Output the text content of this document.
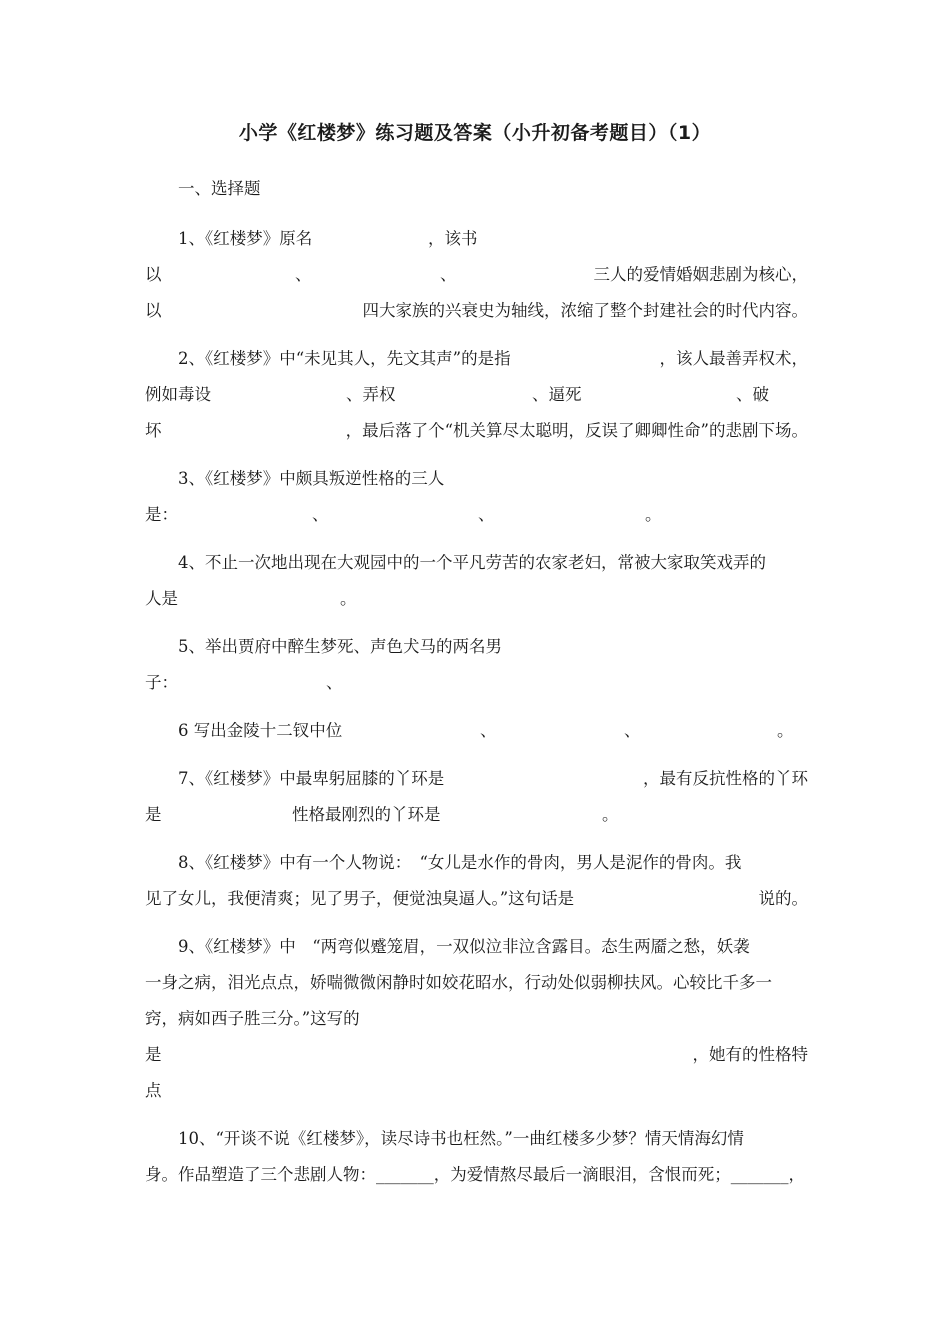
小学《红楼梦》练习题及答案（小升初备考题目）（1）
一、选择题
1、《红楼梦》原名	，该书
以	、	、	三人的爱情婚姻悲剧为核心，
以	四大家族的兴衰史为轴线，浓缩了整个封建社会的时代内容。
2、《红楼梦》中“未见其人，先文其声”的是指	，该人最善弄权术，
例如毒设	、弄权	、逼死	、破
坏	，最后落了个“机关算尽太聪明，反误了卿卿性命”的悲剧下场。
3、《红楼梦》中颇具叛逆性格的三人
是：	、	、	。
4、不止一次地出现在大观园中的一个平凡劳苦的农家老妇，常被大家取笑戏弄的
人是	。
5、举出贾府中醉生梦死、声色犬马的两名男
子：	、
6 写出金陵十二钗中位	、	、	。
7、《红楼梦》中最卑躬屈膝的丫环是	，最有反抗性格的丫环
是	性格最刚烈的丫环是	。
8、《红楼梦》中有一个人物说：　“女儿是水作的骨肉，男人是泥作的骨肉。我
见了女儿，我便清爽；见了男子，便觉浊臭逼人。”这句话是	说的。
9、《红楼梦》中　“两弯似蹙笼眉，一双似泣非泣含露目。态生两靥之愁，妖袭
一身之病，泪光点点，娇喘微微闲静时如姣花昭水，行动处似弱柳扶风。心较比千多一
窍，病如西子胜三分。”这写的
是	，她有的性格特
点
10、“开谈不说《红楼梦》，读尽诗书也枉然。”一曲红楼多少梦？情天情海幻情
身。作品塑造了三个悲剧人物：_______，为爱情熬尽最后一滴眼泪，含恨而死；_______，
